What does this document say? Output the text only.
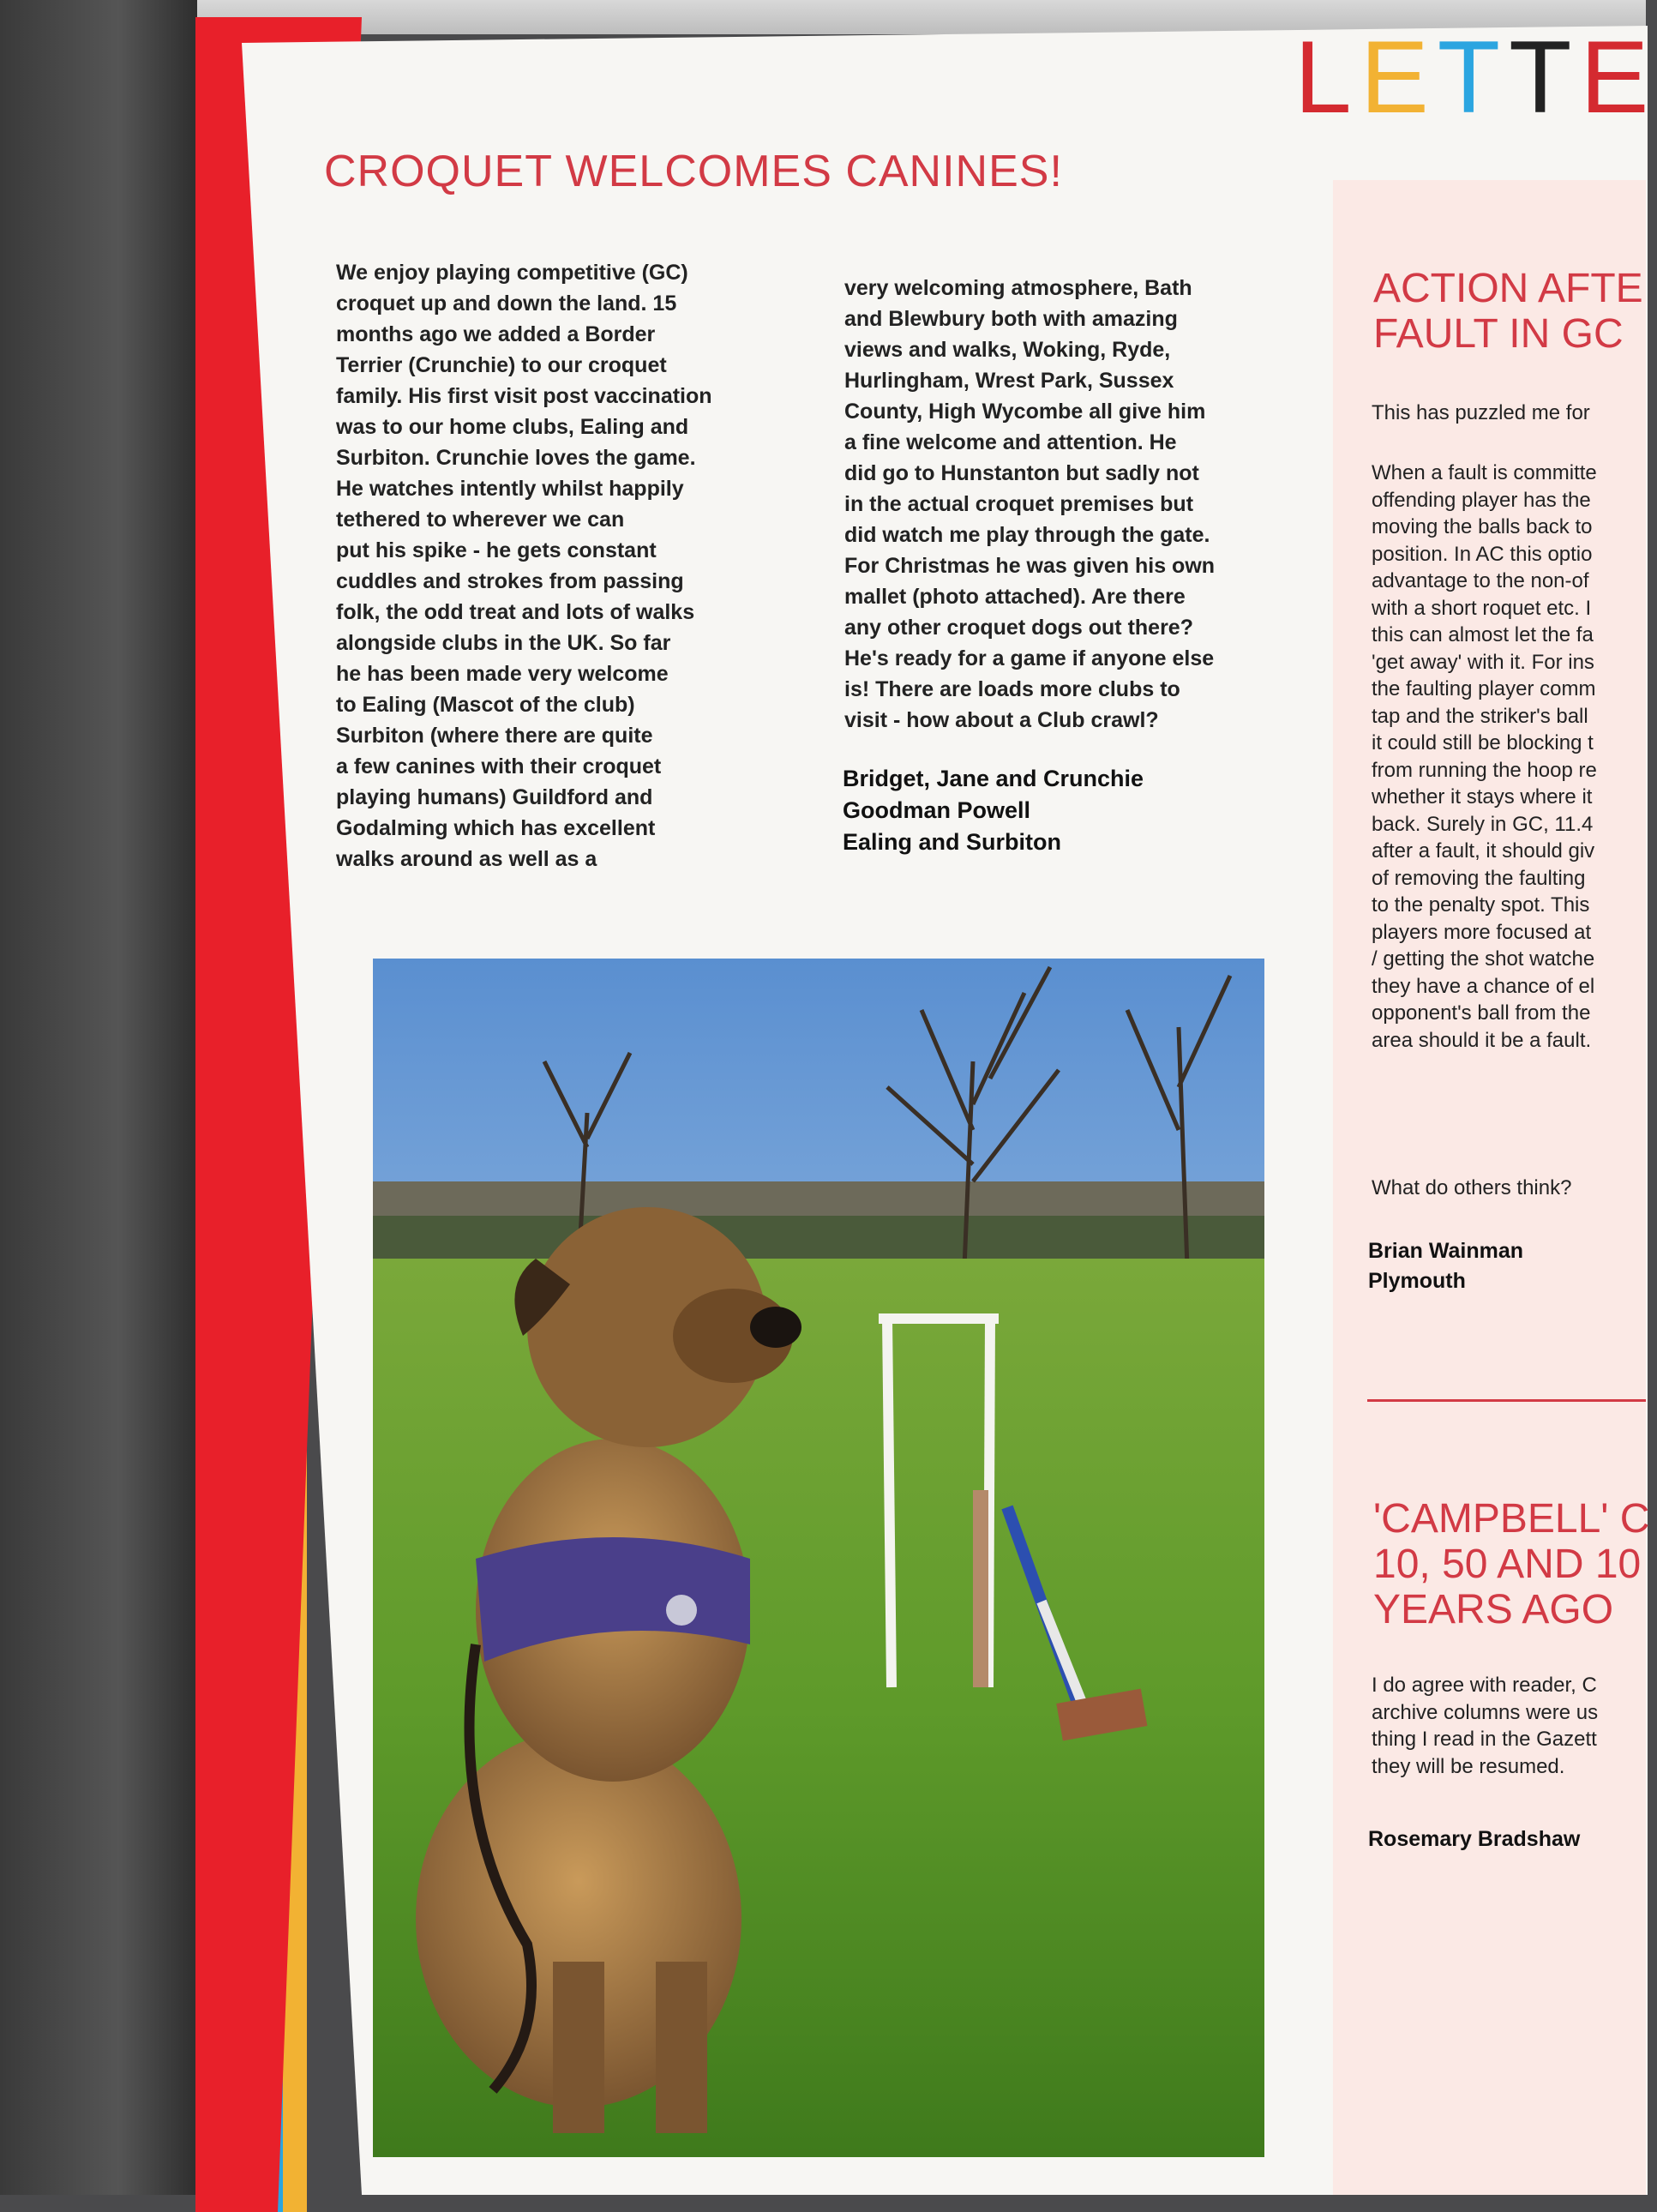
LETTE
CROQUET WELCOMES CANINES!
We enjoy playing competitive (GC)
croquet up and down the land. 15
months ago we added a Border
Terrier (Crunchie) to our croquet
family. His first visit post vaccination
was to our home clubs, Ealing and
Surbiton. Crunchie loves the game.
He watches intently whilst happily
tethered to wherever we can
put his spike - he gets constant
cuddles and strokes from passing
folk, the odd treat and lots of walks
alongside clubs in the UK. So far
he has been made very welcome
to Ealing (Mascot of the club)
Surbiton (where there are quite
a few canines with their croquet
playing humans) Guildford and
Godalming which has excellent
walks around as well as a
very welcoming atmosphere, Bath
and Blewbury both with amazing
views and walks, Woking, Ryde,
Hurlingham, Wrest Park, Sussex
County, High Wycombe all give him
a fine welcome and attention. He
did go to Hunstanton but sadly not
in the actual croquet premises but
did watch me play through the gate.
For Christmas he was given his own
mallet (photo attached). Are there
any other croquet dogs out there?
He's ready for a game if anyone else
is! There are loads more clubs to
visit - how about a Club crawl?
Bridget, Jane and Crunchie
Goodman Powell
Ealing and Surbiton
ACTION AFTE
FAULT IN GC
This has puzzled me for
When a fault is committe
offending player has the
moving the balls back to
position. In AC this optio
advantage to the non-of
with a short roquet etc. I
this can almost let the fa
'get away' with it. For ins
the faulting player comm
tap and the striker's ball
it could still be blocking t
from running the hoop re
whether it stays where it
back. Surely in GC, 11.4
after a fault, it should giv
of removing the faulting
to the penalty spot. This
players more focused at
/ getting the shot watche
they have a chance of el
opponent's ball from the
area should it be a fault.
What do others think?
Brian Wainman
Plymouth
'CAMPBELL' C
10, 50 AND 10
YEARS AGO
I do agree with reader, C
archive columns were us
thing I read in the Gazett
they will be resumed.
Rosemary Bradshaw
